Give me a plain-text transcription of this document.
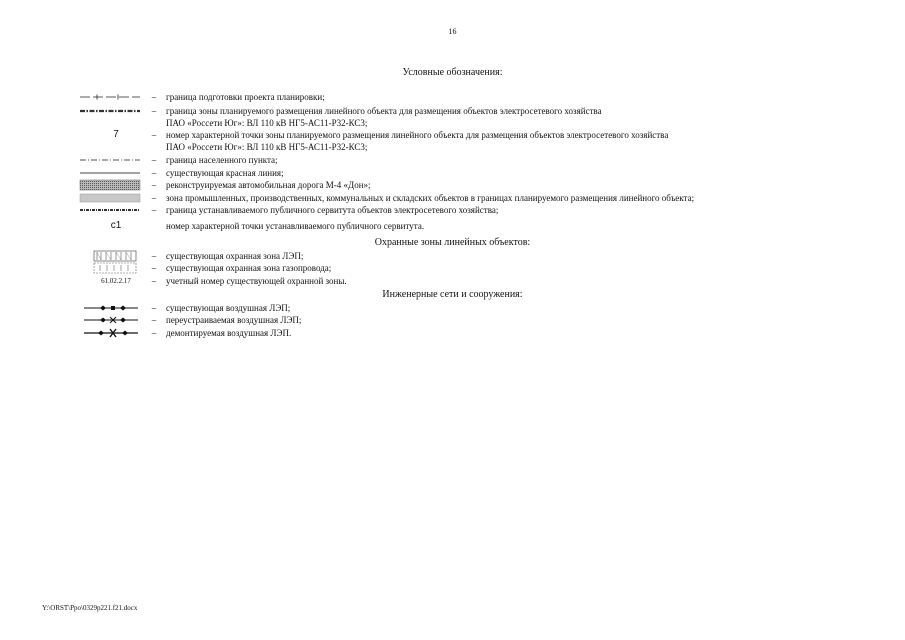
16
Условные обозначения:
– граница подготовки проекта планировки;
– граница зоны планируемого размещения линейного объекта для размещения объектов электросетевого хозяйства
ПАО «Россети Юг»: ВЛ 110 кВ НГ5-АС11-Р32-КС3;
7	– номер характерной точки зоны планируемого размещения линейного объекта для размещения объектов электросетевого хозяйства
ПАО «Россети Юг»: ВЛ 110 кВ НГ5-АС11-Р32-КС3;
– граница населенного пункта;
– существующая красная линия;
– реконструируемая автомобильная дорога М-4 «Дон»;
– зона промышленных, производственных, коммунальных и складских объектов в границах планируемого размещения линейного объекта;
– граница устанавливаемого публичного сервитута объектов электросетевого хозяйства;
с1	номер характерной точки устанавливаемого публичного сервитута.
Охранные зоны линейных объектов:
– существующая охранная зона ЛЭП;
– существующая охранная зона газопровода;
61.02.2.17	– учетный номер существующей охранной зоны.
Инженерные сети и сооружения:
– существующая воздушная ЛЭП;
– переустраиваемая воздушная ЛЭП;
– демонтируемая воздушная ЛЭП.
Y:\ORST\Ppo\0329p221.f21.docx
